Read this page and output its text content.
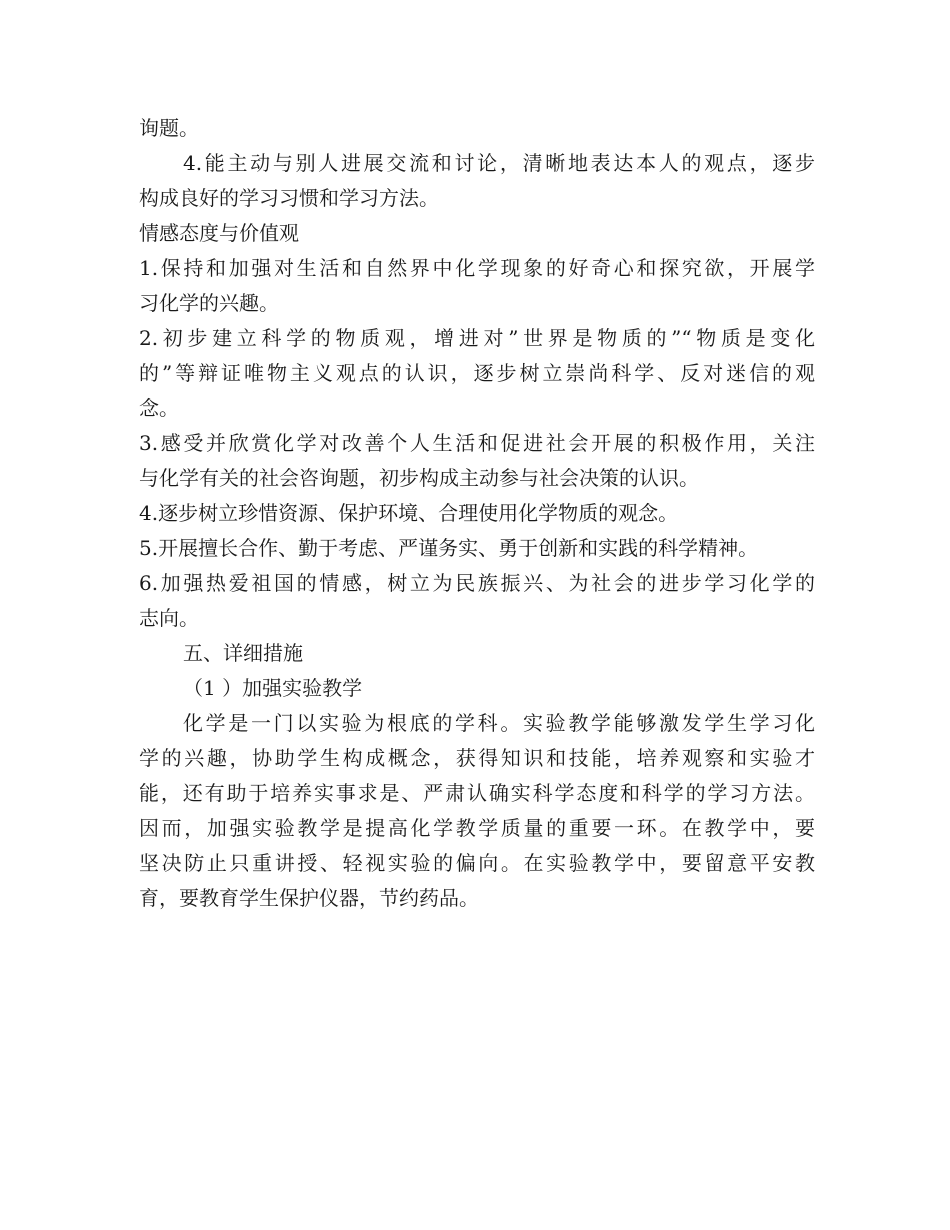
询题。
4.能主动与别人进展交流和讨论，清晰地表达本人的观点，逐步
构成良好的学习习惯和学习方法。
情感态度与价值观
1.保持和加强对生活和自然界中化学现象的好奇心和探究欲，开展学
习化学的兴趣。
2.初步建立科学的物质观，增进对”世界是物质的”“物质是变化
的”等辩证唯物主义观点的认识，逐步树立崇尚科学、反对迷信的观
念。
3.感受并欣赏化学对改善个人生活和促进社会开展的积极作用，关注
与化学有关的社会咨询题，初步构成主动参与社会决策的认识。
4.逐步树立珍惜资源、保护环境、合理使用化学物质的观念。
5.开展擅长合作、勤于考虑、严谨务实、勇于创新和实践的科学精神。
6.加强热爱祖国的情感，树立为民族振兴、为社会的进步学习化学的
志向。
五、详细措施
（1 ）加强实验教学
化学是一门以实验为根底的学科。实验教学能够激发学生学习化
学的兴趣，协助学生构成概念，获得知识和技能，培养观察和实验才
能，还有助于培养实事求是、严肃认确实科学态度和科学的学习方法。
因而，加强实验教学是提高化学教学质量的重要一环。在教学中，要
坚决防止只重讲授、轻视实验的偏向。在实验教学中，要留意平安教
育，要教育学生保护仪器，节约药品。
